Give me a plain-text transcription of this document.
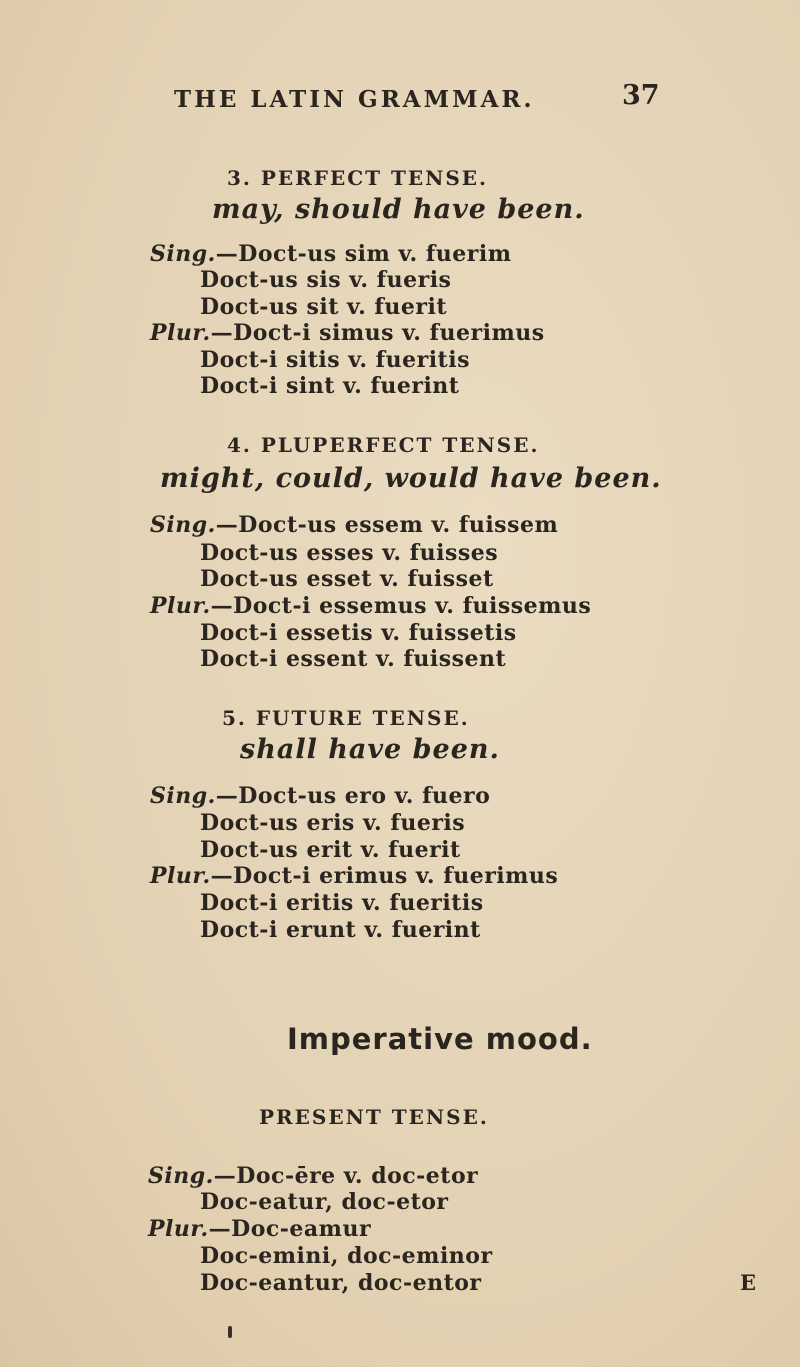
THE LATIN GRAMMAR.	37
3. PERFECT TENSE.
may, should have been.
Sing.—Doct-us sim v. fuerim
Doct-us sis v. fueris
Doct-us sit v. fuerit
Plur.—Doct-i simus v. fuerimus
Doct-i sitis v. fueritis
Doct-i sint v. fuerint
4. PLUPERFECT TENSE.
might, could, would have been.
Sing.—Doct-us essem v. fuissem
Doct-us esses v. fuisses
Doct-us esset v. fuisset
Plur.—Doct-i essemus v. fuissemus
Doct-i essetis v. fuissetis
Doct-i essent v. fuissent
5. FUTURE TENSE.
shall have been.
Sing.—Doct-us ero v. fuero
Doct-us eris v. fueris
Doct-us erit v. fuerit
Plur.—Doct-i erimus v. fuerimus
Doct-i eritis v. fueritis
Doct-i erunt v. fuerint
Imperative mood.
PRESENT TENSE.
Sing.—Doc-ēre v. doc-etor
Doc-eatur, doc-etor
Plur.—Doc-eamur
Doc-emini, doc-eminor
Doc-eantur, doc-entor	E
